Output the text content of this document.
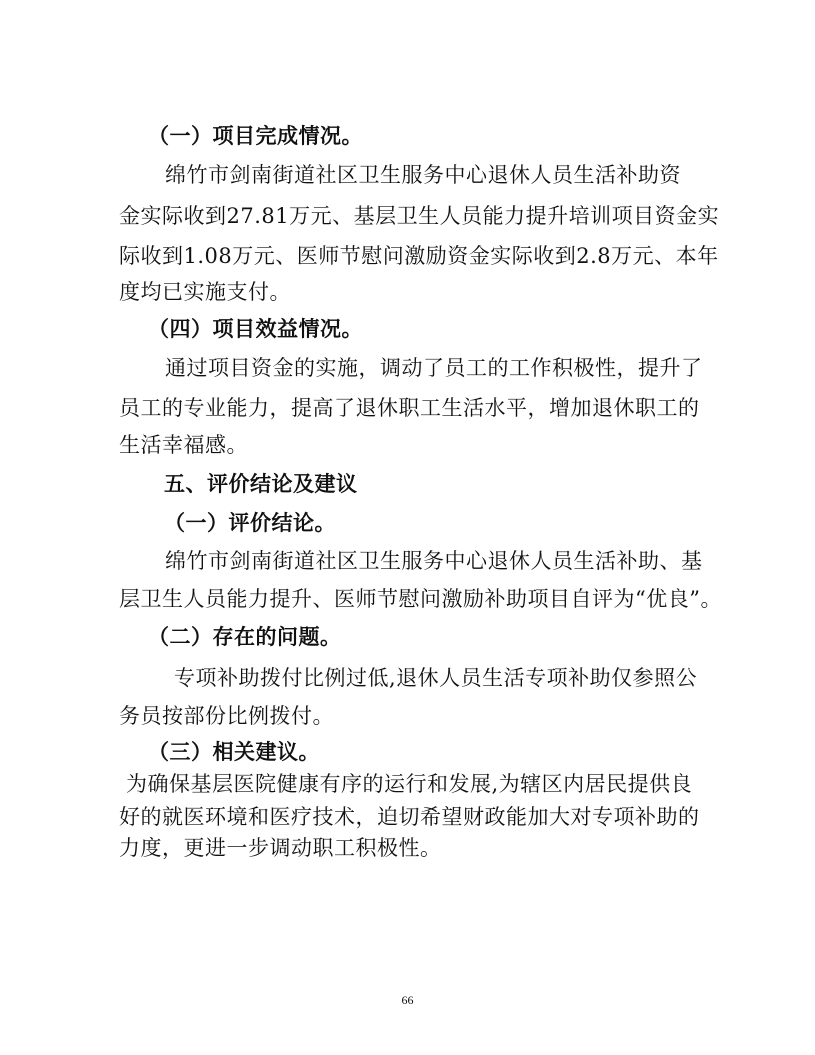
（一）项目完成情况。
绵竹市剑南街道社区卫生服务中心退休人员生活补助资
金实际收到27.81万元、基层卫生人员能力提升培训项目资金实
际收到1.08万元、医师节慰问激励资金实际收到2.8万元、本年
度均已实施支付。
（四）项目效益情况。
通过项目资金的实施，调动了员工的工作积极性，提升了
员工的专业能力，提高了退休职工生活水平，增加退休职工的
生活幸福感。
五、评价结论及建议
（一）评价结论。
绵竹市剑南街道社区卫生服务中心退休人员生活补助、基
层卫生人员能力提升、医师节慰问激励补助项目自评为“优良”。
（二）存在的问题。
专项补助拨付比例过低,退休人员生活专项补助仅参照公
务员按部份比例拨付。
（三）相关建议。
为确保基层医院健康有序的运行和发展,为辖区内居民提供良
好的就医环境和医疗技术，迫切希望财政能加大对专项补助的
力度，更进一步调动职工积极性。
66
